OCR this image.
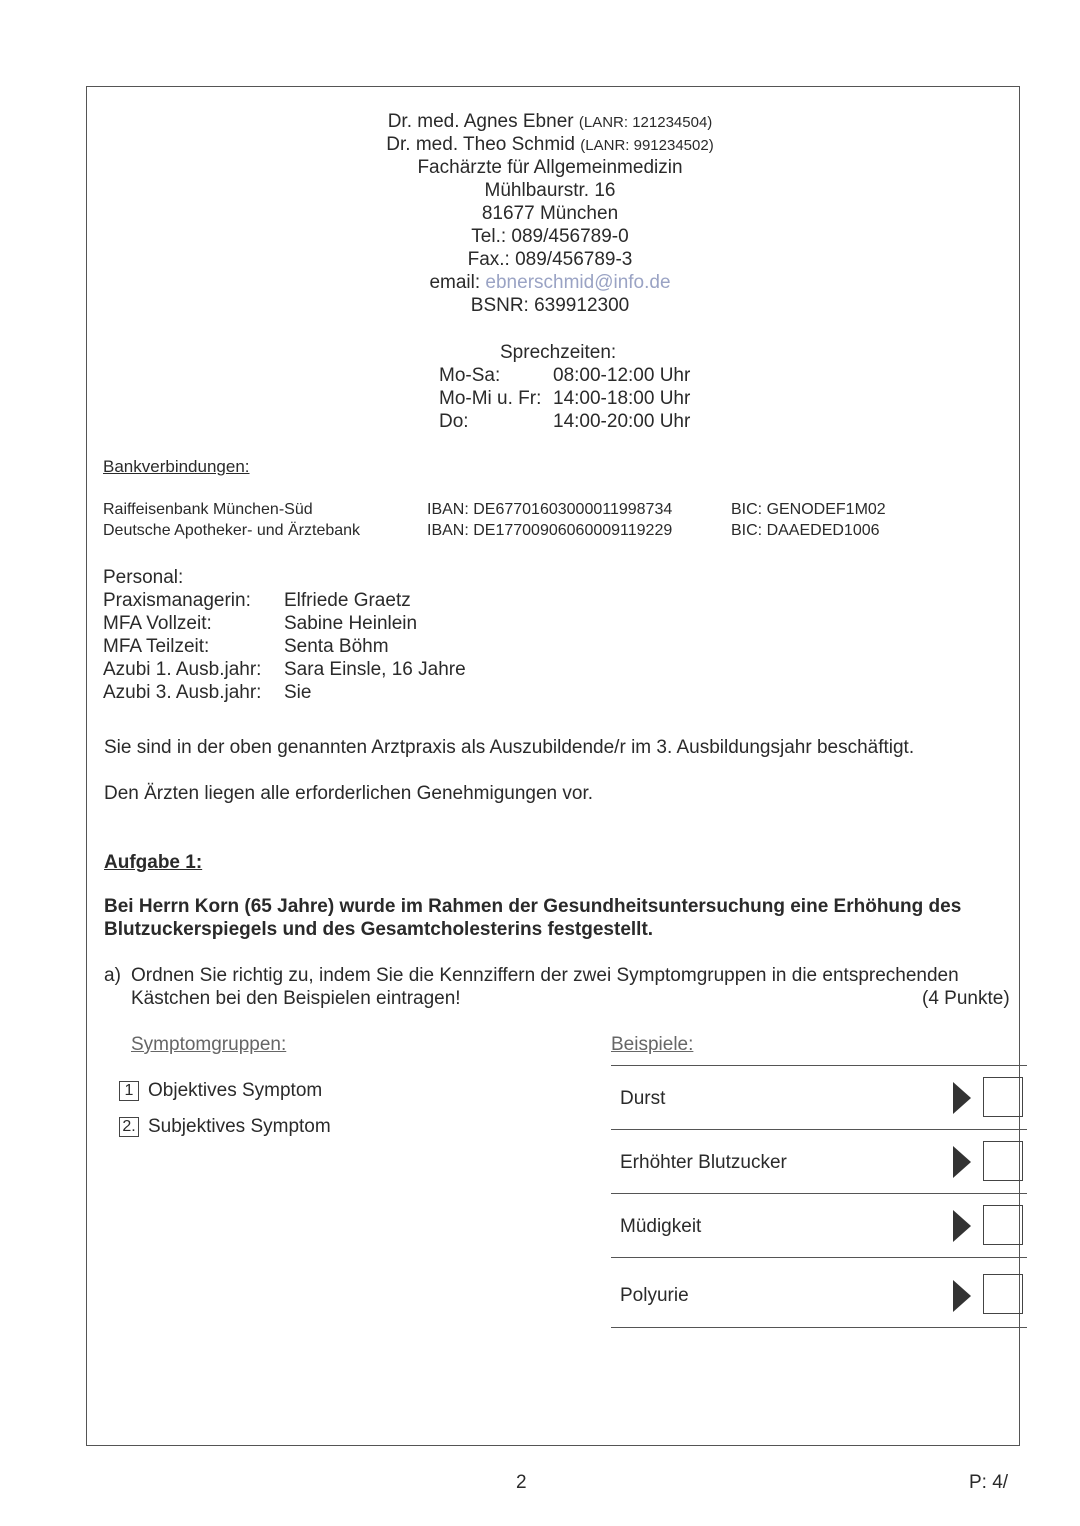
Dr. med. Agnes Ebner (LANR: 121234504)
Dr. med. Theo Schmid (LANR: 991234502)
Fachärzte für Allgemeinmedizin
Mühlbaurstr. 16
81677 München
Tel.: 089/456789-0
Fax.: 089/456789-3
email: ebnerschmid@info.de
BSNR: 639912300
Sprechzeiten:
Mo-Sa:	08:00-12:00 Uhr
Mo-Mi u. Fr: 14:00-18:00 Uhr
Do:	14:00-20:00 Uhr
Bankverbindungen:
Raiffeisenbank München-Süd	IBAN: DE67701603000011998734	BIC: GENODEF1M02
Deutsche Apotheker- und Ärztebank	IBAN: DE17700906060009119229	BIC: DAAEDED1006
Personal:
Praxismanagerin: Elfriede Graetz
MFA Vollzeit:	Sabine Heinlein
MFA Teilzeit:	Senta Böhm
Azubi 1. Ausb.jahr: Sara Einsle, 16 Jahre
Azubi 3. Ausb.jahr: Sie
Sie sind in der oben genannten Arztpraxis als Auszubildende/r im 3. Ausbildungsjahr beschäftigt.
Den Ärzten liegen alle erforderlichen Genehmigungen vor.
Aufgabe 1:
Bei Herrn Korn (65 Jahre) wurde im Rahmen der Gesundheitsuntersuchung eine Erhöhung des
Blutzuckerspiegels und des Gesamtcholesterins festgestellt.
a) Ordnen Sie richtig zu, indem Sie die Kennziffern der zwei Symptomgruppen in die entsprechenden
Kästchen bei den Beispielen eintragen!	(4 Punkte)
Symptomgruppen:
1 Objektives Symptom
2. Subjektives Symptom
Beispiele:
Durst
Erhöhter Blutzucker
Müdigkeit
Polyurie
2	P: 4/
